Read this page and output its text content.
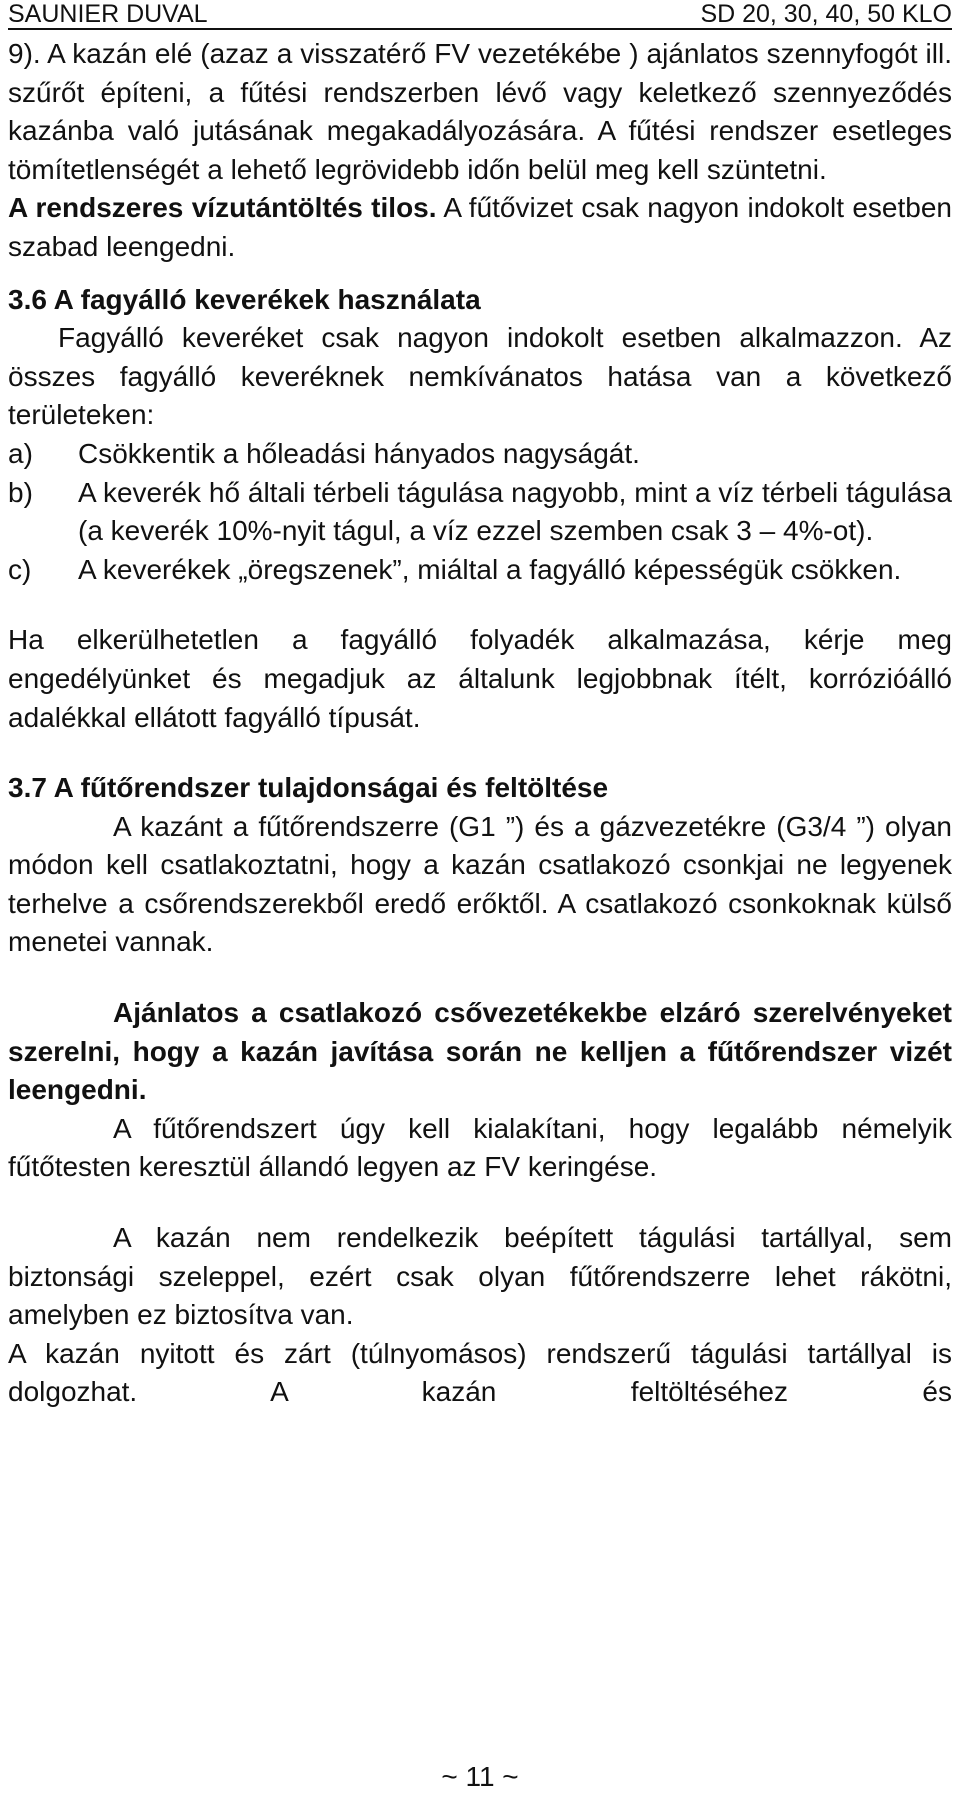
SAUNIER DUVAL	SD 20, 30, 40, 50 KLO

9). A kazán elé (azaz a visszatérő FV vezetékébe ) ajánlatos szennyfogót ill. szűrőt építeni, a fűtési rendszerben lévő vagy keletkező szennyeződés kazánba való jutásának megakadályozására. A fűtési rendszer esetleges tömítetlenségét a lehető legrövidebb időn belül meg kell szüntetni.

A rendszeres vízutántöltés tilos. A fűtővizet csak nagyon indokolt esetben szabad leengedni.

3.6 A fagyálló keverékek használata

Fagyálló keveréket csak nagyon indokolt esetben alkalmazzon. Az összes fagyálló keveréknek nemkívánatos hatása van a következő területeken:

a) Csökkentik a hőleadási hányados nagyságát.

b) A keverék hő általi térbeli tágulása nagyobb, mint a víz térbeli tágulása (a keverék 10%-nyit tágul, a víz ezzel szemben csak 3 – 4%-ot).

c) A keverékek „öregszenek”, miáltal a fagyálló képességük csökken.

Ha elkerülhetetlen a fagyálló folyadék alkalmazása, kérje meg engedélyünket és megadjuk az általunk legjobbnak ítélt, korrózióálló adalékkal ellátott fagyálló típusát.

3.7 A fűtőrendszer tulajdonságai és feltöltése

A kazánt a fűtőrendszerre (G1 ”) és a gázvezetékre (G3/4 ”) olyan módon kell csatlakoztatni, hogy a kazán csatlakozó csonkjai ne legyenek terhelve a csőrendszerekből eredő erőktől. A csatlakozó csonkoknak külső menetei vannak.

Ajánlatos a csatlakozó csővezetékekbe elzáró szerelvényeket szerelni, hogy a kazán javítása során ne kelljen a fűtőrendszer vizét leengedni.

A fűtőrendszert úgy kell kialakítani, hogy legalább némelyik fűtőtesten keresztül állandó legyen az FV keringése.

A kazán nem rendelkezik beépített tágulási tartállyal, sem biztonsági szeleppel, ezért csak olyan fűtőrendszerre lehet rákötni, amelyben ez biztosítva van.

A kazán nyitott és zárt (túlnyomásos) rendszerű tágulási tartállyal is dolgozhat. A kazán feltöltéséhez és

~ 11 ~
